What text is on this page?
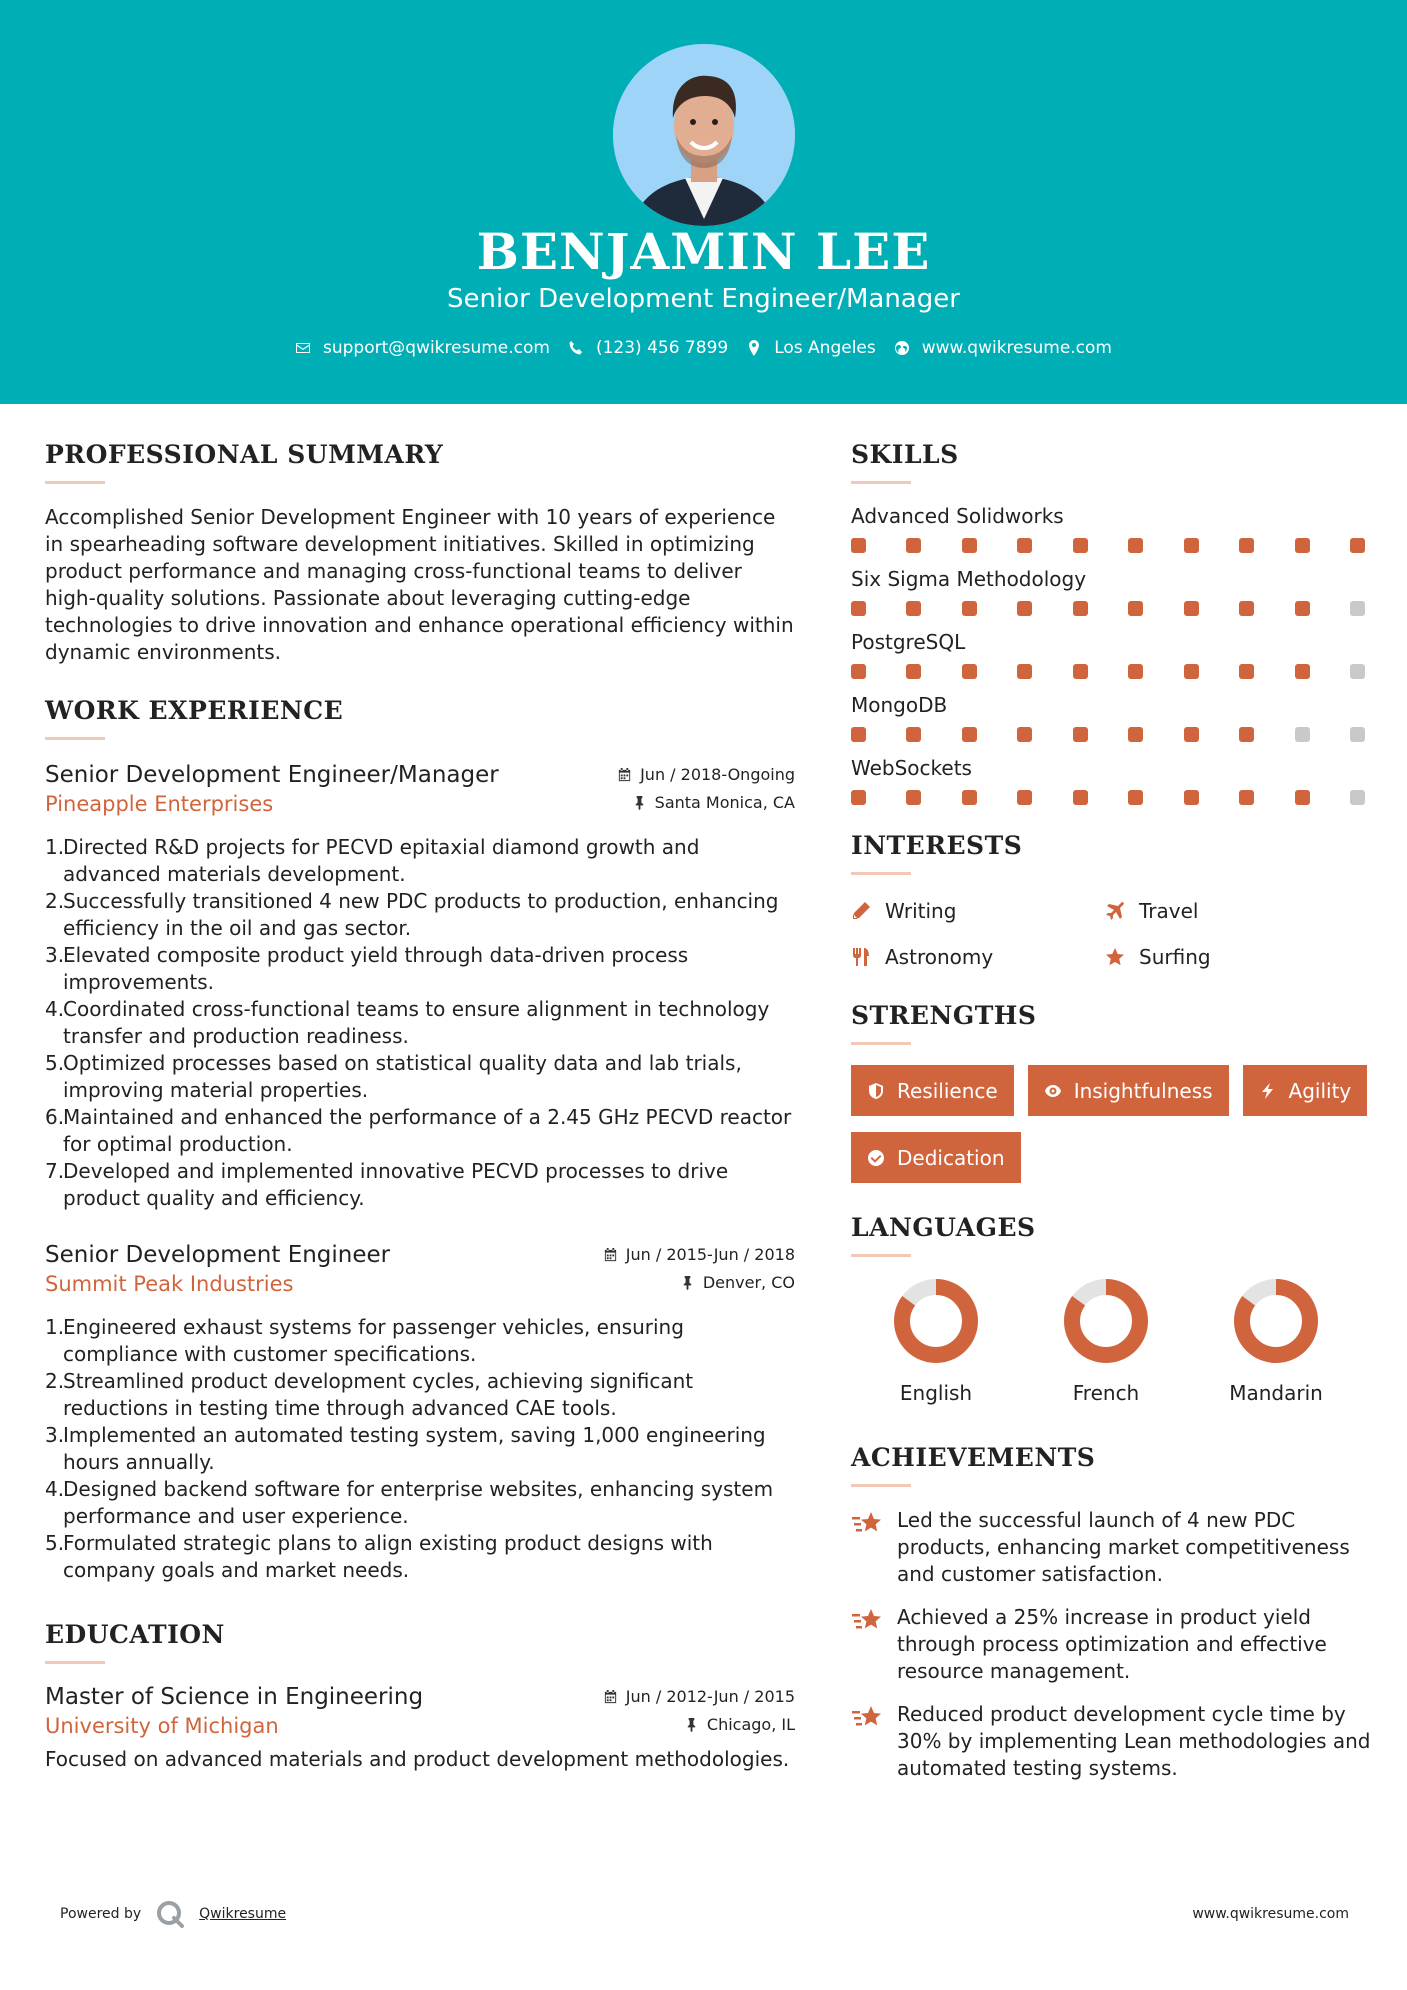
BENJAMIN LEE
Senior Development Engineer/Manager
support@qwikresume.com	(123) 456 7899	Los Angeles	www.qwikresume.com
PROFESSIONAL SUMMARY

Accomplished Senior Development Engineer with 10 years of experience in spearheading software development initiatives. Skilled in optimizing product performance and managing cross-functional teams to deliver high-quality solutions. Passionate about leveraging cutting-edge technologies to drive innovation and enhance operational efficiency within dynamic environments.

WORK EXPERIENCE
Senior Development Engineer/Manager	Jun / 2018-Ongoing
Pineapple Enterprises	Santa Monica, CA
1.
Directed R&D projects for PECVD epitaxial diamond growth and advanced materials development.
2.
Successfully transitioned 4 new PDC products to production, enhancing efficiency in the oil and gas sector.
3.
Elevated composite product yield through data-driven process improvements.
4.
Coordinated cross-functional teams to ensure alignment in technology transfer and production readiness.
5.
Optimized processes based on statistical quality data and lab trials, improving material properties.
6.
Maintained and enhanced the performance of a 2.45 GHz PECVD reactor for optimal production.
7.
Developed and implemented innovative PECVD processes to drive product quality and efficiency.
Senior Development Engineer	Jun / 2015-Jun / 2018
Summit Peak Industries	Denver, CO
1.
Engineered exhaust systems for passenger vehicles, ensuring compliance with customer specifications.
2.
Streamlined product development cycles, achieving significant reductions in testing time through advanced CAE tools.
3.
Implemented an automated testing system, saving 1,000 engineering hours annually.
4.
Designed backend software for enterprise websites, enhancing system performance and user experience.
5.
Formulated strategic plans to align existing product designs with company goals and market needs.
EDUCATION
Master of Science in Engineering	Jun / 2012-Jun / 2015
University of Michigan	Chicago, IL

Focused on advanced materials and product development methodologies.

SKILLS
Advanced Solidworks
Six Sigma Methodology
PostgreSQL
MongoDB
WebSockets
INTERESTS
Writing	Travel
Astronomy	Surfing
STRENGTHS
Resilience	Insightfulness	Agility
Dedication
LANGUAGES
English	French	Mandarin
ACHIEVEMENTS
Led the successful launch of 4 new PDC products, enhancing market competitiveness and customer satisfaction.
Achieved a 25% increase in product yield through process optimization and effective resource management.
Reduced product development cycle time by 30% by implementing Lean methodologies and automated testing systems.
Powered by	Qwikresume	www.qwikresume.com
